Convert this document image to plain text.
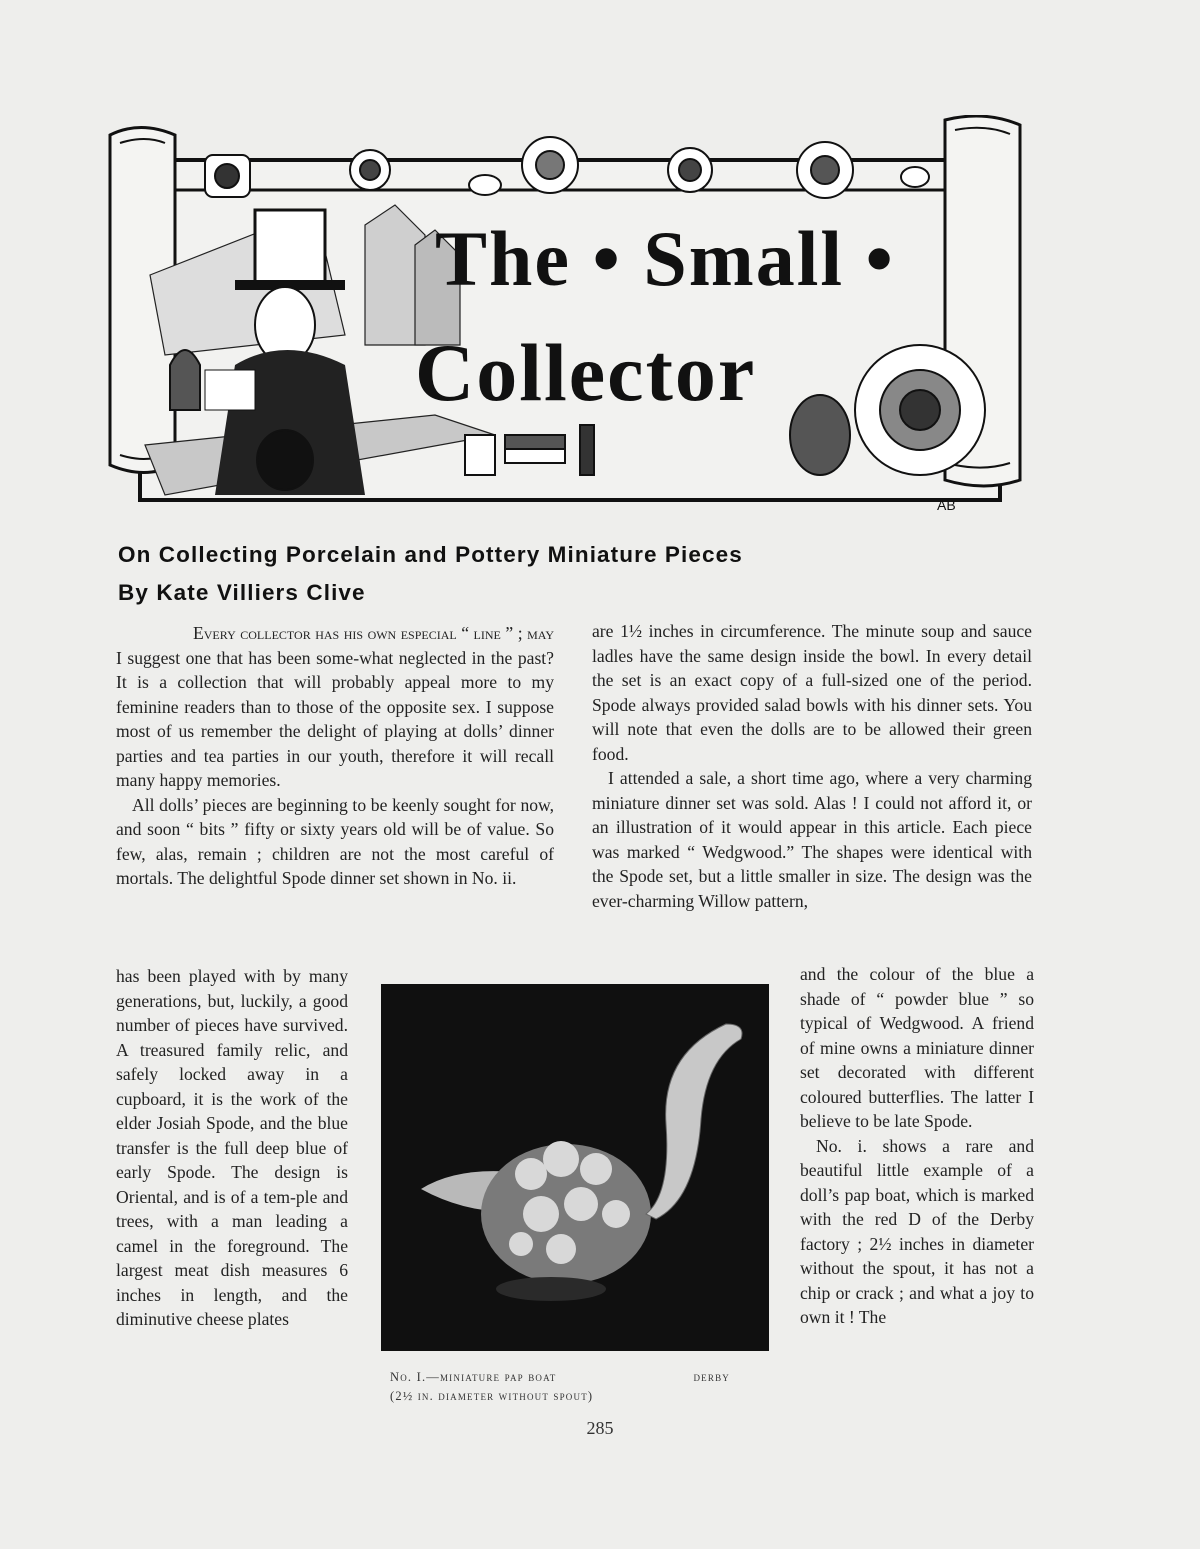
The • Small •
Collector
AB
On Collecting Porcelain and Pottery Miniature Pieces
By Kate Villiers Clive

Every collector has his own especial “ line ” ; may I suggest one that has been some-what neglected in the past? It is a collection that will probably appeal more to my feminine readers than to those of the opposite sex. I suppose most of us remember the delight of playing at dolls’ dinner parties and tea parties in our youth, therefore it will recall many happy memories.

All dolls’ pieces are beginning to be keenly sought for now, and soon “ bits ” fifty or sixty years old will be of value. So few, alas, remain ; children are not the most careful of mortals. The delightful Spode dinner set shown in No. ii.

has been played with by many generations, but, luckily, a good number of pieces have survived. A treasured family relic, and safely locked away in a cupboard, it is the work of the elder Josiah Spode, and the blue transfer is the full deep blue of early Spode. The design is Oriental, and is of a tem-ple and trees, with a man leading a camel in the foreground. The largest meat dish measures 6 inches in length, and the diminutive cheese plates

are 1½ inches in circumference. The minute soup and sauce ladles have the same design inside the bowl. In every detail the set is an exact copy of a full-sized one of the period. Spode always provided salad bowls with his dinner sets. You will note that even the dolls are to be allowed their green food.

I attended a sale, a short time ago, where a very charming miniature dinner set was sold. Alas ! I could not afford it, or an illustration of it would appear in this article. Each piece was marked “ Wedgwood.” The shapes were identical with the Spode set, but a little smaller in size. The design was the ever-charming Willow pattern,

and the colour of the blue a shade of “ powder blue ” so typical of Wedgwood. A friend of mine owns a miniature dinner set decorated with different coloured butterflies. The latter I believe to be late Spode.

No. i. shows a rare and beautiful little example of a doll’s pap boat, which is marked with the red D of the Derby factory ; 2½ inches in diameter without the spout, it has not a chip or crack ; and what a joy to own it ! The

No. I.—miniature pap boat	derby
(2½ in. diameter without spout)
285
